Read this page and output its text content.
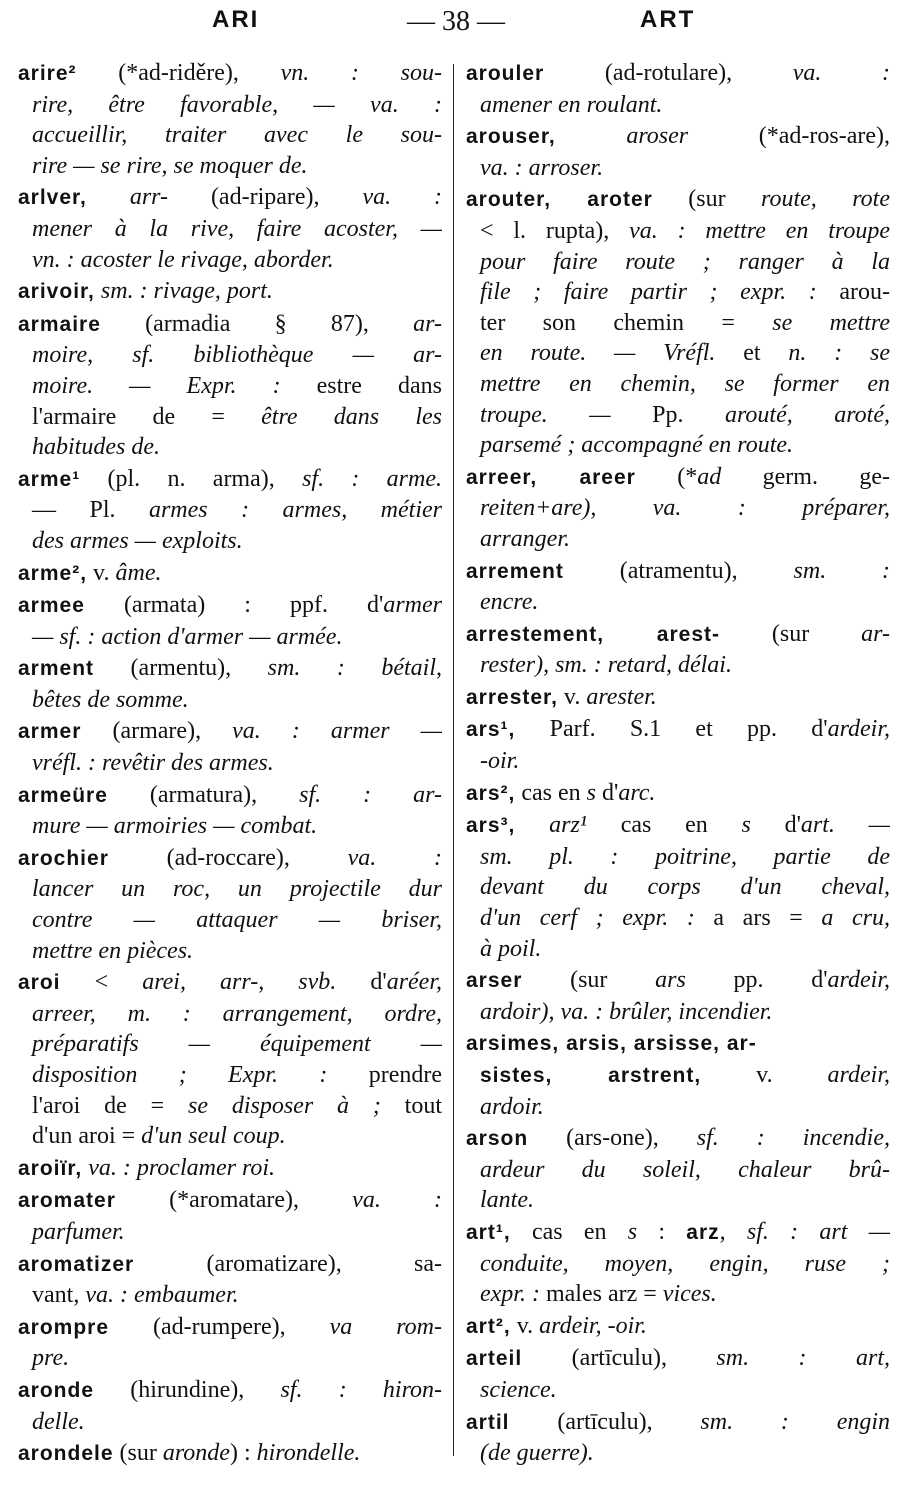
ARI	— 38 —	ART
arire² (*ad-riděre), vn. : sou-
rire, être favorable, — va. :
accueillir, traiter avec le sou-
rire — se rire, se moquer de.
arlver, arr- (ad-ripare), va. :
mener à la rive, faire acoster, —
vn. : acoster le rivage, aborder.
arivoir, sm. : rivage, port.
armaire (armadia § 87), ar-
moire, sf. bibliothèque — ar-
moire. — Expr. : estre dans
l'armaire de = être dans les
habitudes de.
arme¹ (pl. n. arma), sf. : arme.
— Pl. armes : armes, métier
des armes — exploits.
arme², v. âme.
armee (armata) : ppf. d'armer
— sf. : action d'armer — armée.
arment (armentu), sm. : bétail,
bêtes de somme.
armer (armare), va. : armer —
vréfl. : revêtir des armes.
armeüre (armatura), sf. : ar-
mure — armoiries — combat.
arochier (ad-roccare), va. :
lancer un roc, un projectile dur
contre — attaquer — briser,
mettre en pièces.
aroi < arei, arr-, svb. d'aréer,
arreer, m. : arrangement, ordre,
préparatifs — équipement —
disposition ; Expr. : prendre
l'aroi de = se disposer à ; tout
d'un aroi = d'un seul coup.
aroiïr, va. : proclamer roi.
aromater (*aromatare), va. :
parfumer.
aromatizer	(aromatizare), sa-
vant, va. : embaumer.
arompre (ad-rumpere), va rom-
pre.
aronde (hirundine), sf. : hiron-
delle.
arondele (sur aronde) : hirondelle.
arouler	(ad-rotulare), va. :
amener en roulant.
arouser,	aroser (*ad-ros-are),
va. : arroser.
arouter, aroter (sur route, rote
< l. rupta), va. : mettre en troupe
pour faire route ; ranger à la
file ; faire partir ; expr. : arou-
ter son chemin = se mettre
en route. — Vréfl. et n. : se
mettre en chemin, se former en
troupe. — Pp. arouté, aroté,
parsemé ; accompagné en route.
arreer, areer (*ad germ. ge-
reiten+are), va. : préparer,
arranger.
arrement (atramentu), sm. :
encre.
arrestement, arest- (sur ar-
rester), sm. : retard, délai.
arrester, v. arester.
ars¹, Parf. S.1 et pp. d'ardeir,
-oir.
ars², cas en s d'arc.
ars³, arz¹ cas en s d'art. —
sm. pl. : poitrine, partie de
devant du corps d'un cheval,
d'un cerf ; expr. : a ars = a cru,
à poil.
arser (sur ars pp. d'ardeir,
ardoir), va. : brûler, incendier.
arsimes, arsis, arsisse, ar-
sistes, arstrent, v. ardeir,
ardoir.
arson (ars-one), sf. : incendie,
ardeur du soleil, chaleur brû-
lante.
art¹, cas en s : arz, sf. : art —
conduite, moyen, engin, ruse ;
expr. : males arz = vices.
art², v. ardeir, -oir.
arteil (artīculu), sm. : art,
science.
artil (artīculu), sm. : engin
(de guerre).
